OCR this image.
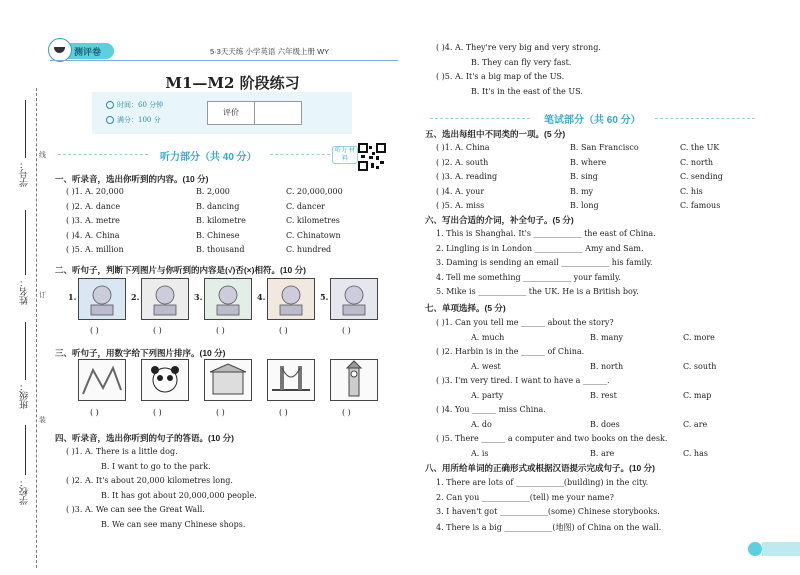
线
订
装
学号：
姓名：
班级：
学校：
测评卷	5·3天天练 小学英语 六年级上册 WY
M1—M2 阶段练习
时间：60 分钟
满分：100 分
评价
听力部分（共 40 分）
听力 材料
一、听录音，选出你听到的内容。(10 分)
( )1. A. 20,000	B. 2,000	C. 20,000,000
( )2. A. dance	B. dancing	C. dancer
( )3. A. metre	B. kilometre	C. kilometres
( )4. A. China	B. Chinese	C. Chinatown
( )5. A. million	B. thousand	C. hundred
二、听句子，判断下列图片与你听到的内容是(√)否(×)相符。(10 分)
1.
( )
2.
( )
3.
( )
4.
( )
5.
( )
三、听句子，用数字给下列图片排序。(10 分)
( )	( )	( )	( )	( )
四、听录音，选出你听到的句子的答语。(10 分)
( )1. A. There is a little dog.
B. I want to go to the park.
( )2. A. It's about 20,000 kilometres long.
B. It has got about 20,000,000 people.
( )3. A. We can see the Great Wall.
B. We can see many Chinese shops.
( )4. A. They're very big and very strong.
B. They can fly very fast.
( )5. A. It's a big map of the US.
B. It's in the east of the US.
笔试部分（共 60 分）
五、选出每组中不同类的一项。(5 分)
( )1. A. China	B. San Francisco	C. the UK
( )2. A. south	B. where	C. north
( )3. A. reading	B. sing	C. sending
( )4. A. your	B. my	C. his
( )5. A. miss	B. long	C. famous
六、写出合适的介词，补全句子。(5 分)
1. This is Shanghai. It's ____________ the east of China.
2. Lingling is in London ____________ Amy and Sam.
3. Daming is sending an email ____________ his family.
4. Tell me something ____________ your family.
5. Mike is ____________ the UK. He is a British boy.
七、单项选择。(5 分)
( )1. Can you tell me ______ about the story?
A. much	B. many	C. more
( )2. Harbin is in the ______ of China.
A. west	B. north	C. south
( )3. I'm very tired. I want to have a ______.
A. party	B. rest	C. map
( )4. You ______ miss China.
A. do	B. does	C. are
( )5. There ______ a computer and two books on the desk.
A. is	B. are	C. has
八、用所给单词的正确形式或根据汉语提示完成句子。(10 分)
1. There are lots of ____________(building) in the city.
2. Can you ____________(tell) me your name?
3. I haven't got ____________(some) Chinese storybooks.
4. There is a big ____________(地图) of China on the wall.
